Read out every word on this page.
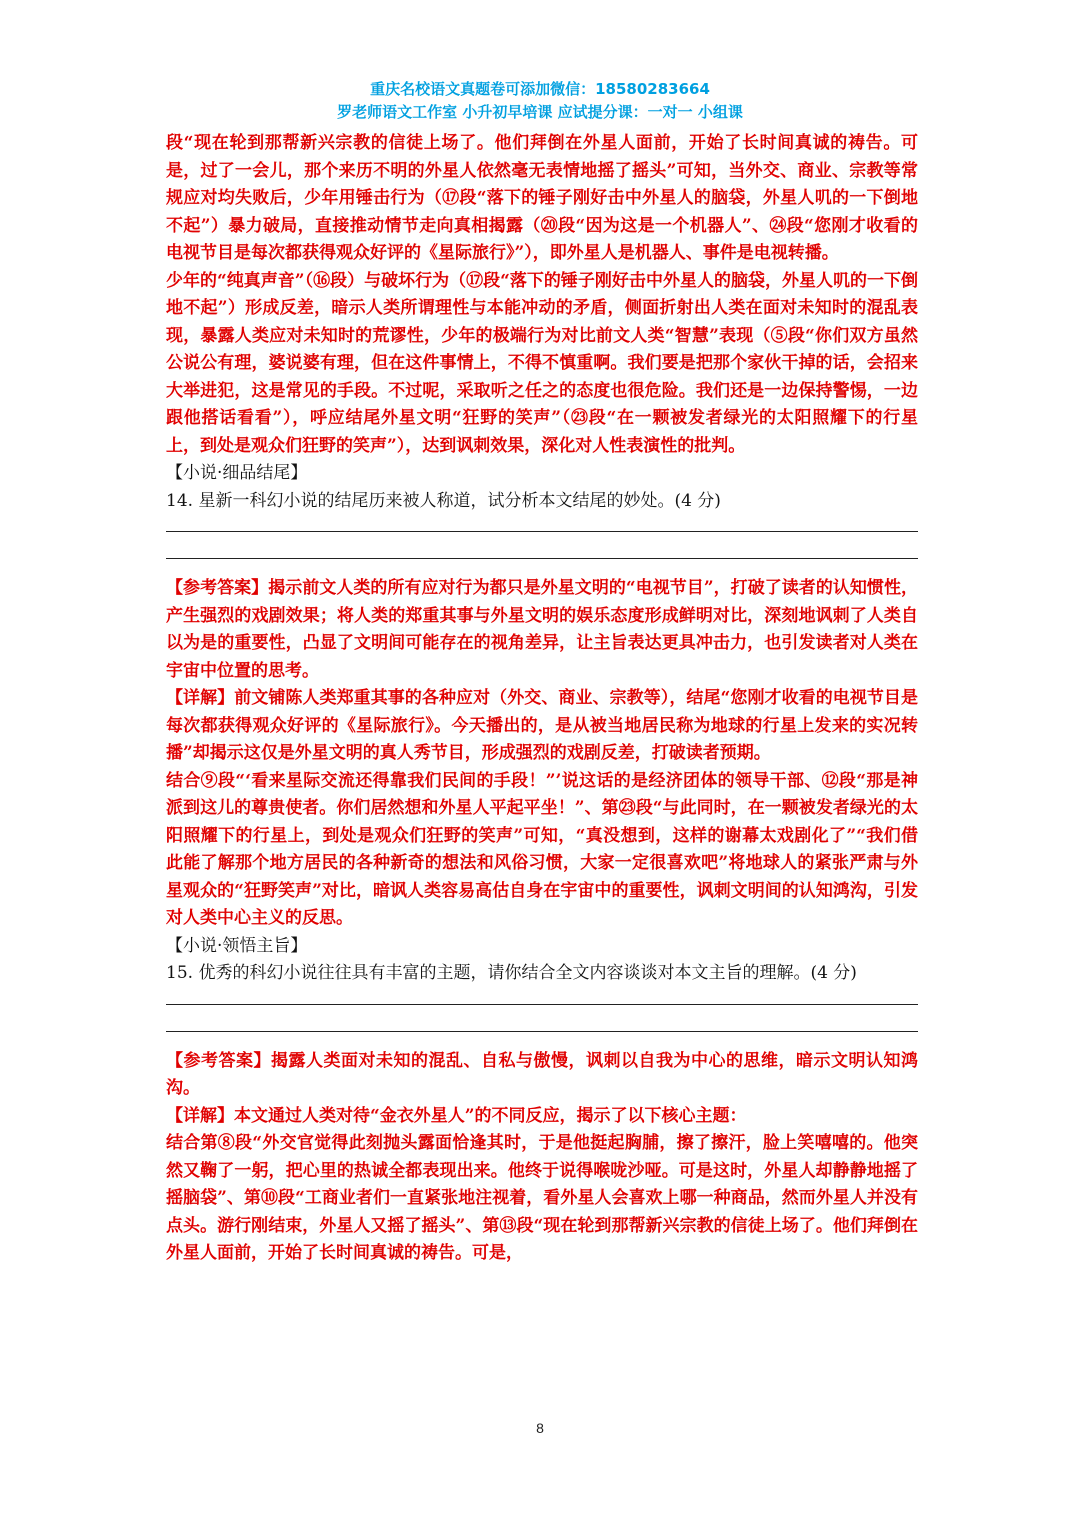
重庆名校语文真题卷可添加微信：18580283664
罗老师语文工作室 小升初早培课 应试提分课：一对一 小组课

段“现在轮到那帮新兴宗教的信徒上场了。他们拜倒在外星人面前，开始了长时间真诚的祷告。可是，过了一会儿，那个来历不明的外星人依然毫无表情地摇了摇头”可知，当外交、商业、宗教等常规应对均失败后，少年用锤击行为（⑰段“落下的锤子刚好击中外星人的脑袋，外星人叽的一下倒地不起”）暴力破局，直接推动情节走向真相揭露（⑳段“因为这是一个机器人”、㉔段“您刚才收看的电视节目是每次都获得观众好评的《星际旅行》”），即外星人是机器人、事件是电视转播。

少年的“纯真声音”（⑯段）与破坏行为（⑰段“落下的锤子刚好击中外星人的脑袋，外星人叽的一下倒地不起”）形成反差，暗示人类所谓理性与本能冲动的矛盾，侧面折射出人类在面对未知时的混乱表现，暴露人类应对未知时的荒谬性，少年的极端行为对比前文人类“智慧”表现（⑤段“你们双方虽然公说公有理，婆说婆有理，但在这件事情上，不得不慎重啊。我们要是把那个家伙干掉的话，会招来大举进犯，这是常见的手段。不过呢，采取听之任之的态度也很危险。我们还是一边保持警惕，一边跟他搭话看看”），呼应结尾外星文明“狂野的笑声”（㉓段“在一颗被发者绿光的太阳照耀下的行星上，到处是观众们狂野的笑声”），达到讽刺效果，深化对人性表演性的批判。

【小说·细品结尾】

14. 星新一科幻小说的结尾历来被人称道，试分析本文结尾的妙处。(4 分)

【参考答案】揭示前文人类的所有应对行为都只是外星文明的“电视节目”，打破了读者的认知惯性，产生强烈的戏剧效果；将人类的郑重其事与外星文明的娱乐态度形成鲜明对比，深刻地讽刺了人类自以为是的重要性，凸显了文明间可能存在的视角差异，让主旨表达更具冲击力，也引发读者对人类在宇宙中位置的思考。

【详解】前文铺陈人类郑重其事的各种应对（外交、商业、宗教等），结尾“您刚才收看的电视节目是每次都获得观众好评的《星际旅行》。今天播出的，是从被当地居民称为地球的行星上发来的实况转播”却揭示这仅是外星文明的真人秀节目，形成强烈的戏剧反差，打破读者预期。

结合⑨段“‘看来星际交流还得靠我们民间的手段！”’说这话的是经济团体的领导干部、⑫段“那是神派到这儿的尊贵使者。你们居然想和外星人平起平坐！”、第㉓段“与此同时，在一颗被发者绿光的太阳照耀下的行星上，到处是观众们狂野的笑声”可知，“真没想到，这样的谢幕太戏剧化了”“我们借此能了解那个地方居民的各种新奇的想法和风俗习惯，大家一定很喜欢吧”将地球人的紧张严肃与外星观众的“狂野笑声”对比，暗讽人类容易高估自身在宇宙中的重要性，讽刺文明间的认知鸿沟，引发对人类中心主义的反思。

【小说·领悟主旨】

15. 优秀的科幻小说往往具有丰富的主题，请你结合全文内容谈谈对本文主旨的理解。(4 分)

【参考答案】揭露人类面对未知的混乱、自私与傲慢，讽刺以自我为中心的思维，暗示文明认知鸿沟。

【详解】本文通过人类对待“金衣外星人”的不同反应，揭示了以下核心主题：

结合第⑧段“外交官觉得此刻抛头露面恰逢其时，于是他挺起胸脯，擦了擦汗，脸上笑嘻嘻的。他突然又鞠了一躬，把心里的热诚全都表现出来。他终于说得喉咙沙哑。可是这时，外星人却静静地摇了摇脑袋”、第⑩段“工商业者们一直紧张地注视着，看外星人会喜欢上哪一种商品，然而外星人并没有点头。游行刚结束，外星人又摇了摇头”、第⑬段“现在轮到那帮新兴宗教的信徒上场了。他们拜倒在外星人面前，开始了长时间真诚的祷告。可是，

8
